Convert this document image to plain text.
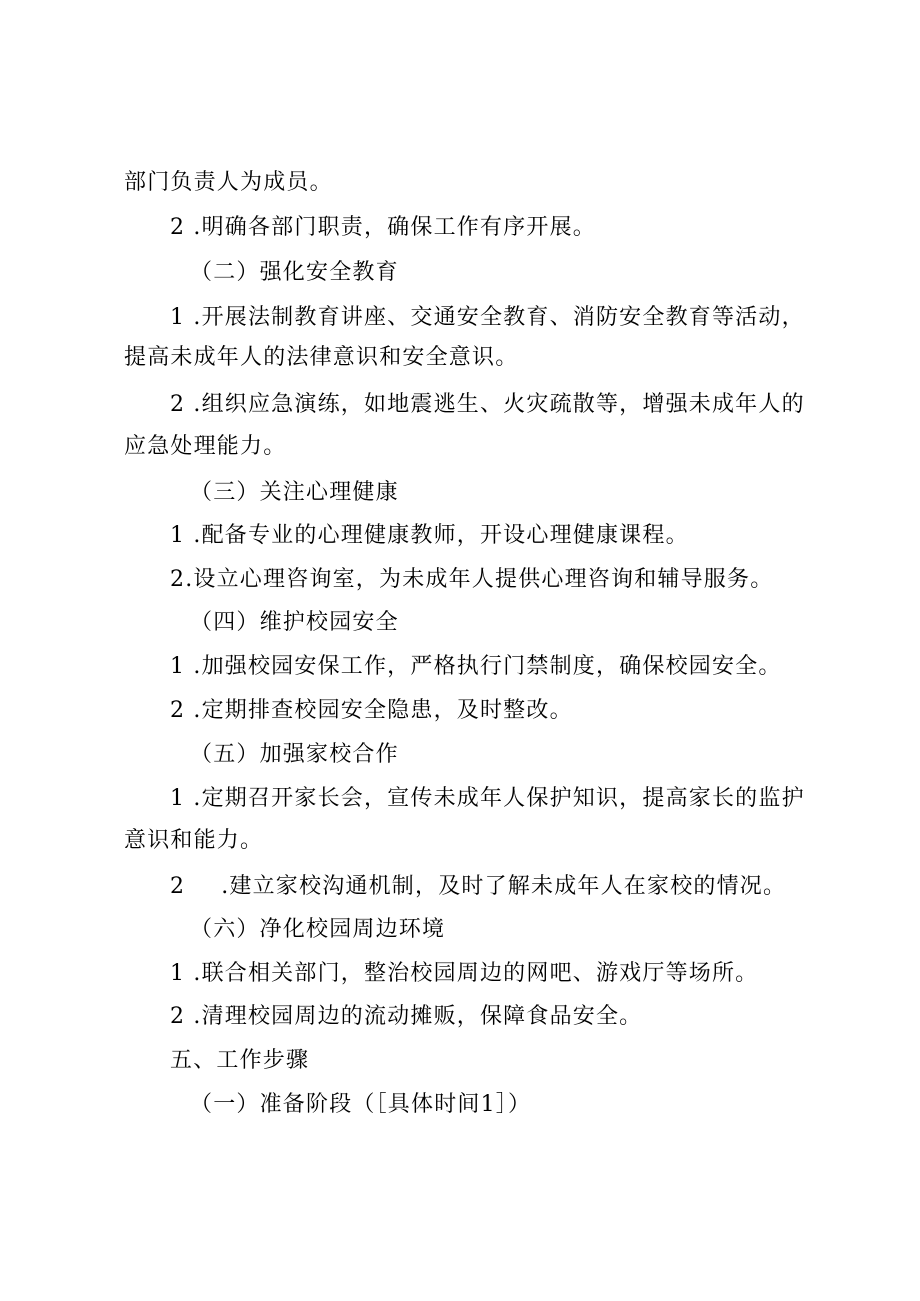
部门负责人为成员。
2 .明确各部门职责，确保工作有序开展。
（二）强化安全教育
1 .开展法制教育讲座、交通安全教育、消防安全教育等活动，
提高未成年人的法律意识和安全意识。
2 .组织应急演练，如地震逃生、火灾疏散等，增强未成年人的
应急处理能力。
（三）关注心理健康
1 .配备专业的心理健康教师，开设心理健康课程。
2.设立心理咨询室，为未成年人提供心理咨询和辅导服务。
（四）维护校园安全
1 .加强校园安保工作，严格执行门禁制度，确保校园安全。
2 .定期排查校园安全隐患，及时整改。
（五）加强家校合作
1 .定期召开家长会，宣传未成年人保护知识，提高家长的监护
意识和能力。
2 .建立家校沟通机制，及时了解未成年人在家校的情况。
（六）净化校园周边环境
1 .联合相关部门，整治校园周边的网吧、游戏厅等场所。
2 .清理校园周边的流动摊贩，保障食品安全。
五、工作步骤
（一）准备阶段（［具体时间1］）
